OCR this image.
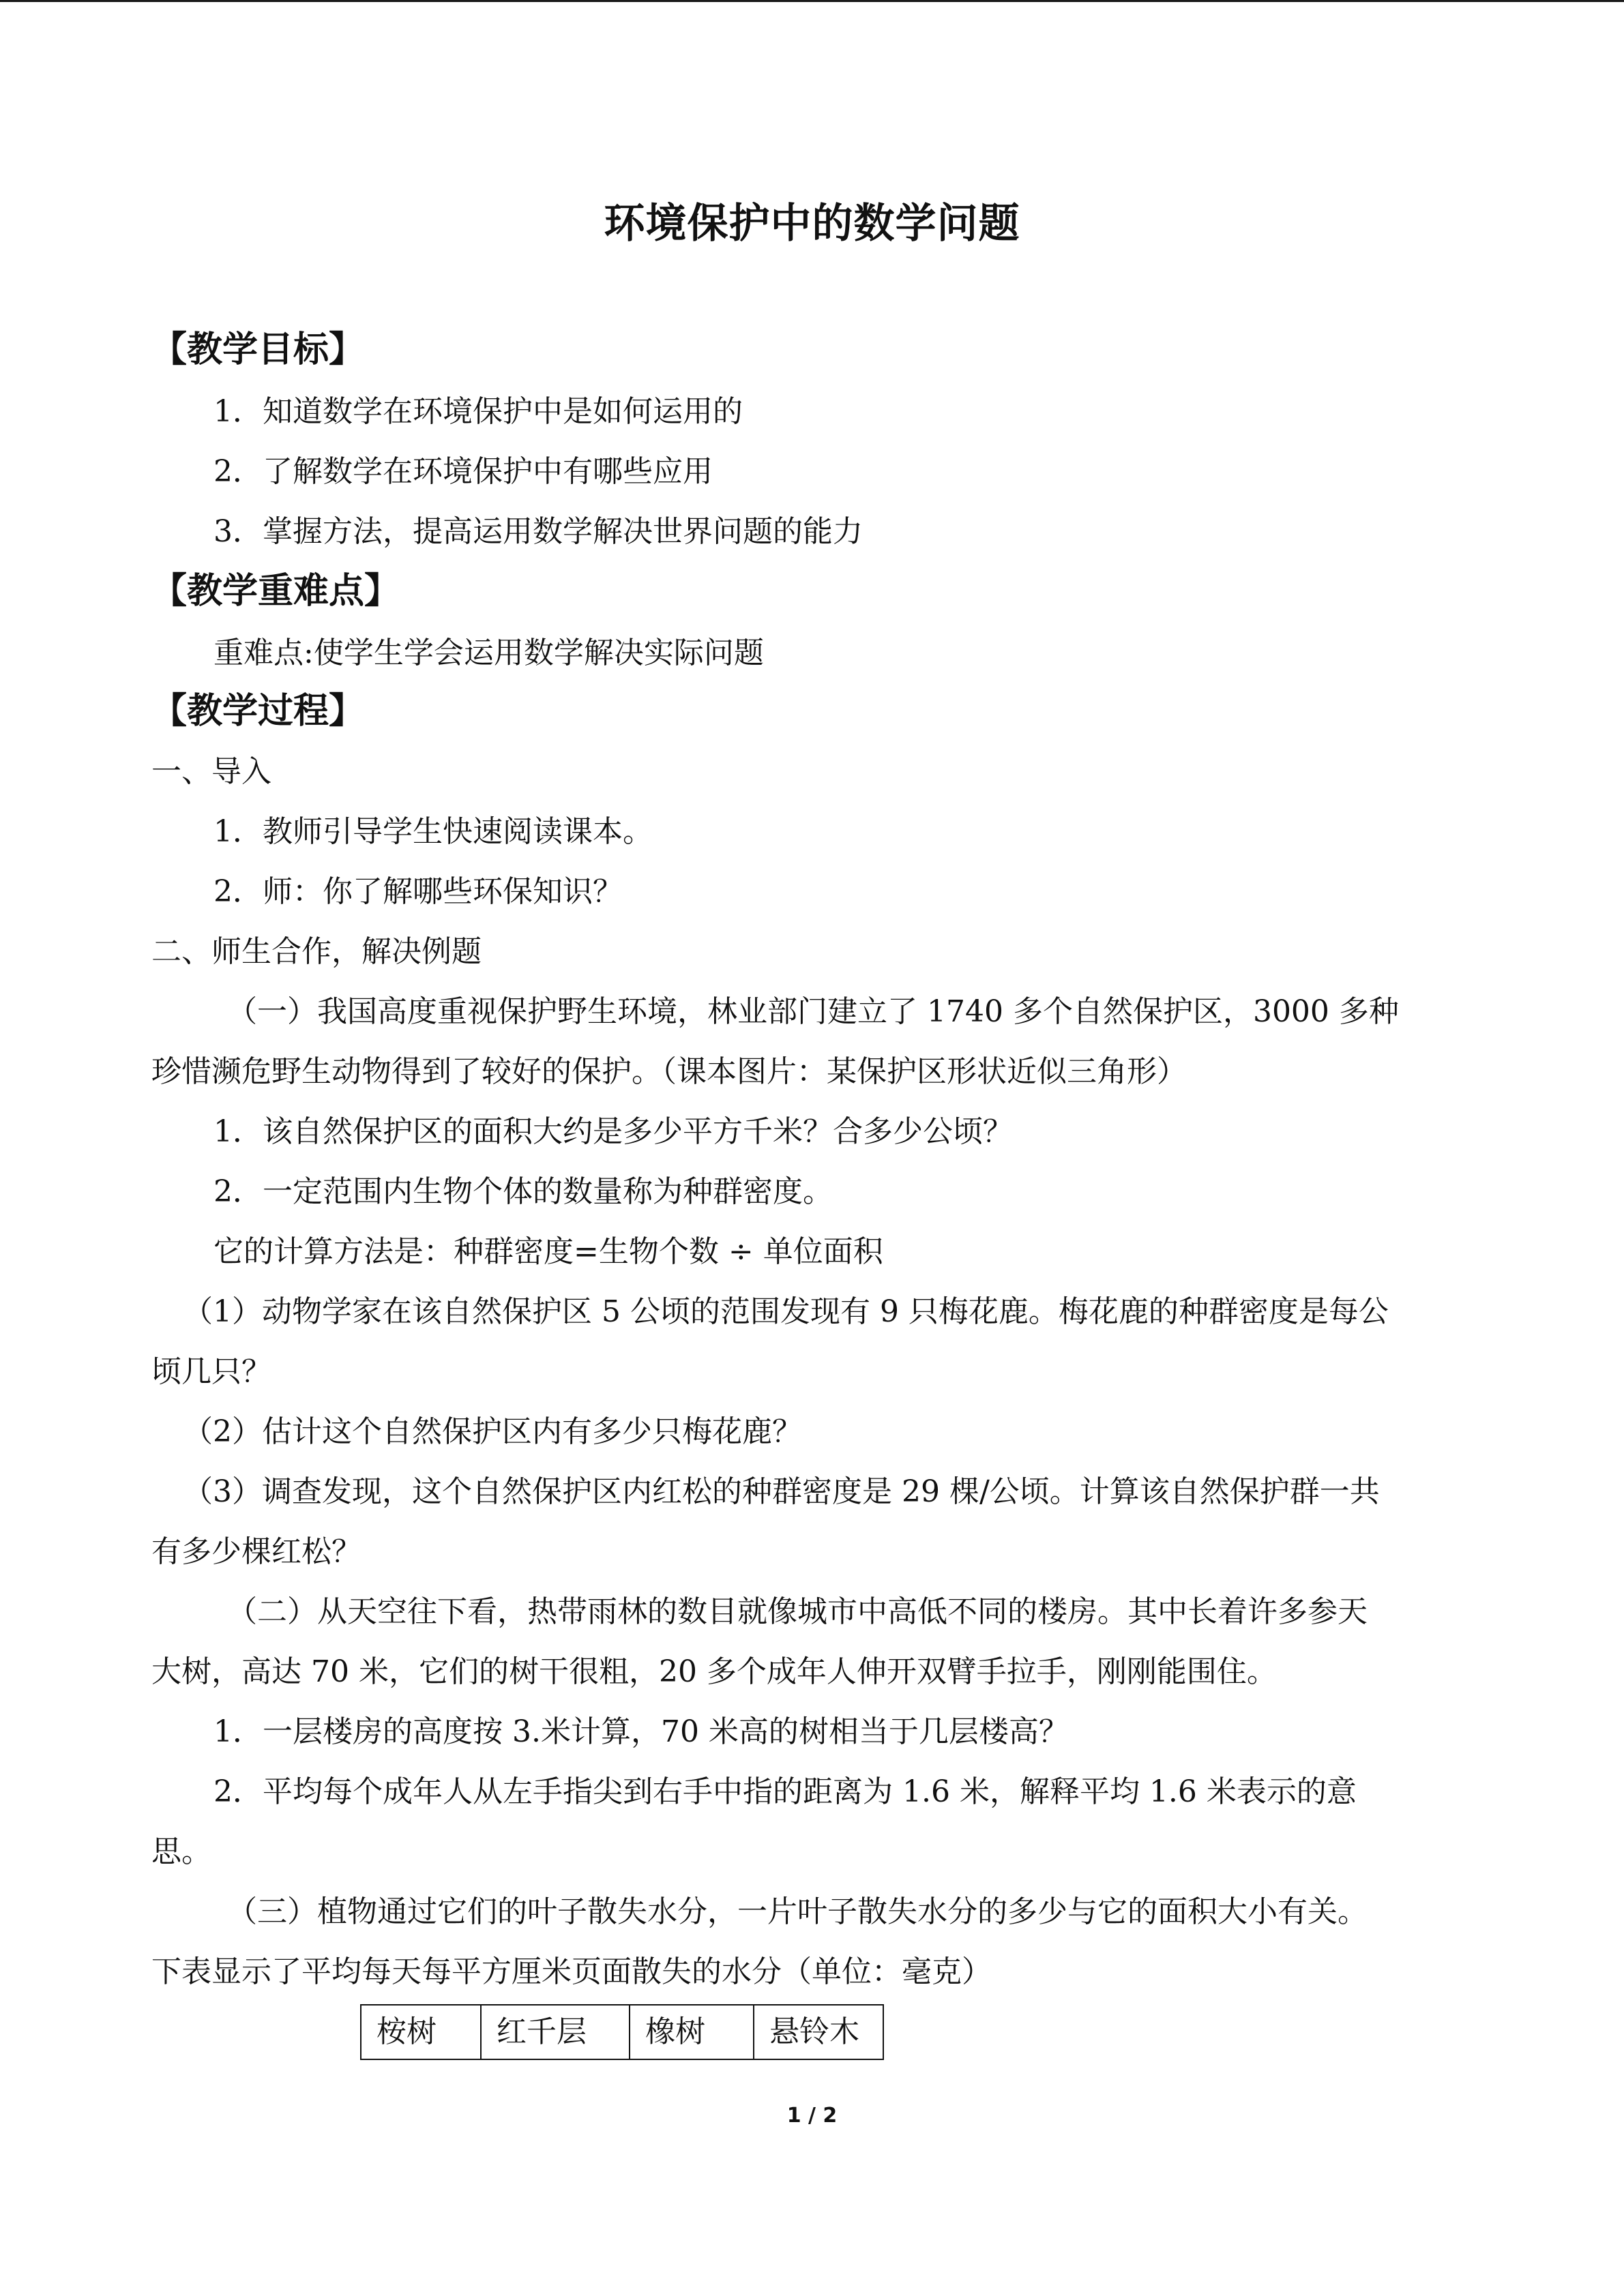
环境保护中的数学问题
【教学目标】
1．知道数学在环境保护中是如何运用的
2．了解数学在环境保护中有哪些应用
3．掌握方法，提高运用数学解决世界问题的能力
【教学重难点】
重难点:使学生学会运用数学解决实际问题
【教学过程】
一、导入
1．教师引导学生快速阅读课本。
2．师：你了解哪些环保知识？
二、师生合作，解决例题
（一）我国高度重视保护野生环境，林业部门建立了 1740 多个自然保护区，3000 多种
珍惜濒危野生动物得到了较好的保护。（课本图片：某保护区形状近似三角形）
1．该自然保护区的面积大约是多少平方千米？合多少公顷？
2．一定范围内生物个体的数量称为种群密度。
它的计算方法是：种群密度=生物个数 ÷ 单位面积
（1）动物学家在该自然保护区 5 公顷的范围发现有 9 只梅花鹿。梅花鹿的种群密度是每公
顷几只？
（2）估计这个自然保护区内有多少只梅花鹿？
（3）调查发现，这个自然保护区内红松的种群密度是 29 棵/公顷。计算该自然保护群一共
有多少棵红松？
（二）从天空往下看，热带雨林的数目就像城市中高低不同的楼房。其中长着许多参天
大树，高达 70 米，它们的树干很粗，20 多个成年人伸开双臂手拉手，刚刚能围住。
1．一层楼房的高度按 3.米计算，70 米高的树相当于几层楼高？
2．平均每个成年人从左手指尖到右手中指的距离为 1.6 米，解释平均 1.6 米表示的意
思。
（三）植物通过它们的叶子散失水分，一片叶子散失水分的多少与它的面积大小有关。
下表显示了平均每天每平方厘米页面散失的水分（单位：毫克）
桉树	红千层	橡树	悬铃木
1 / 2
